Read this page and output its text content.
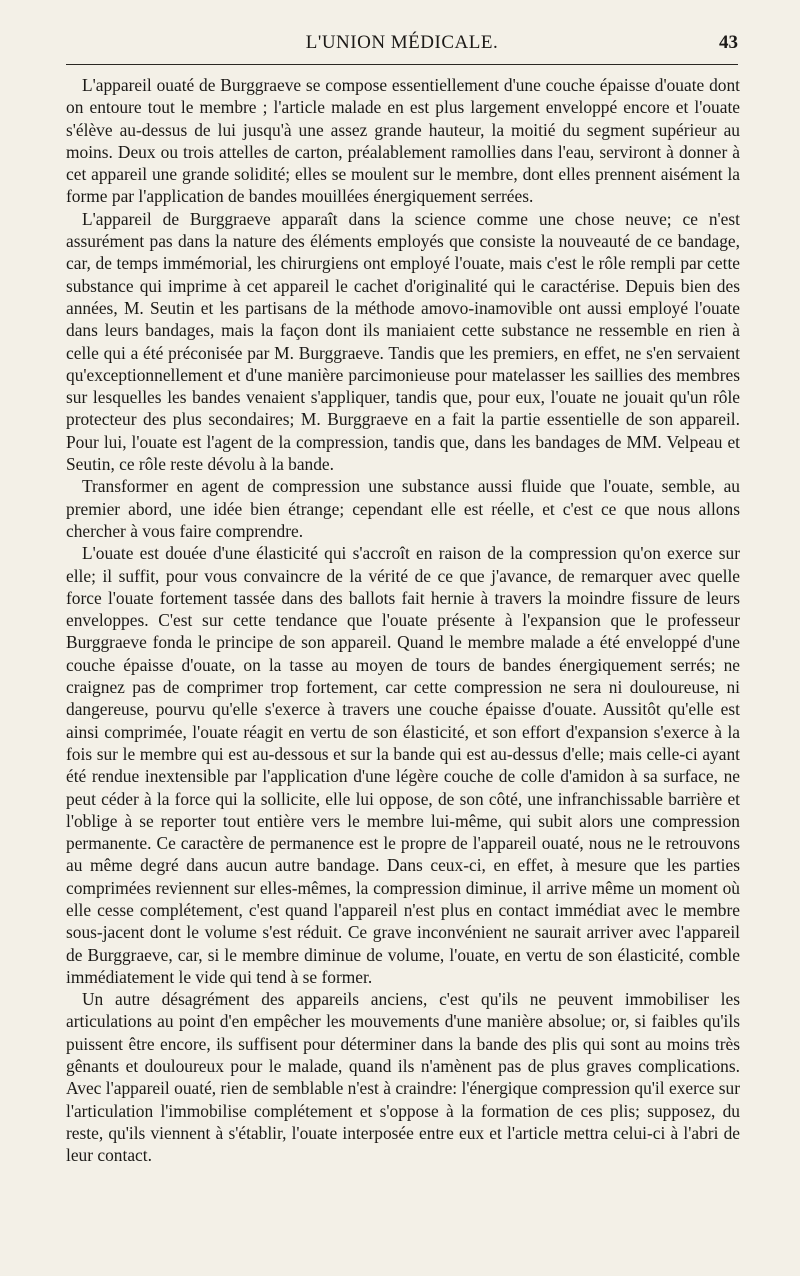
L'UNION MÉDICALE.	43

L'appareil ouaté de Burggraeve se compose essentiellement d'une couche épaisse d'ouate dont on entoure tout le membre ; l'article malade en est plus largement enveloppé encore et l'ouate s'élève au-dessus de lui jusqu'à une assez grande hauteur, la moitié du segment supérieur au moins. Deux ou trois attelles de carton, préalablement ramollies dans l'eau, serviront à donner à cet appareil une grande solidité; elles se moulent sur le membre, dont elles prennent aisément la forme par l'application de bandes mouillées énergiquement serrées.

L'appareil de Burggraeve apparaît dans la science comme une chose neuve; ce n'est assurément pas dans la nature des éléments employés que consiste la nouveauté de ce bandage, car, de temps immémorial, les chirurgiens ont employé l'ouate, mais c'est le rôle rempli par cette substance qui imprime à cet appareil le cachet d'originalité qui le caractérise. Depuis bien des années, M. Seutin et les partisans de la méthode amovo-inamovible ont aussi employé l'ouate dans leurs bandages, mais la façon dont ils maniaient cette substance ne ressemble en rien à celle qui a été préconisée par M. Burggraeve. Tandis que les premiers, en effet, ne s'en servaient qu'exceptionnellement et d'une manière parcimonieuse pour matelasser les saillies des membres sur lesquelles les bandes venaient s'appliquer, tandis que, pour eux, l'ouate ne jouait qu'un rôle protecteur des plus secondaires; M. Burggraeve en a fait la partie essentielle de son appareil. Pour lui, l'ouate est l'agent de la compression, tandis que, dans les bandages de MM. Velpeau et Seutin, ce rôle reste dévolu à la bande.

Transformer en agent de compression une substance aussi fluide que l'ouate, semble, au premier abord, une idée bien étrange; cependant elle est réelle, et c'est ce que nous allons chercher à vous faire comprendre.

L'ouate est douée d'une élasticité qui s'accroît en raison de la compression qu'on exerce sur elle; il suffit, pour vous convaincre de la vérité de ce que j'avance, de remarquer avec quelle force l'ouate fortement tassée dans des ballots fait hernie à travers la moindre fissure de leurs enveloppes. C'est sur cette tendance que l'ouate présente à l'expansion que le professeur Burggraeve fonda le principe de son appareil. Quand le membre malade a été enveloppé d'une couche épaisse d'ouate, on la tasse au moyen de tours de bandes énergiquement serrés; ne craignez pas de comprimer trop fortement, car cette compression ne sera ni douloureuse, ni dangereuse, pourvu qu'elle s'exerce à travers une couche épaisse d'ouate. Aussitôt qu'elle est ainsi comprimée, l'ouate réagit en vertu de son élasticité, et son effort d'expansion s'exerce à la fois sur le membre qui est au-dessous et sur la bande qui est au-dessus d'elle; mais celle-ci ayant été rendue inextensible par l'application d'une légère couche de colle d'amidon à sa surface, ne peut céder à la force qui la sollicite, elle lui oppose, de son côté, une infranchissable barrière et l'oblige à se reporter tout entière vers le membre lui-même, qui subit alors une compression permanente. Ce caractère de permanence est le propre de l'appareil ouaté, nous ne le retrouvons au même degré dans aucun autre bandage. Dans ceux-ci, en effet, à mesure que les parties comprimées reviennent sur elles-mêmes, la compression diminue, il arrive même un moment où elle cesse complétement, c'est quand l'appareil n'est plus en contact immédiat avec le membre sous-jacent dont le volume s'est réduit. Ce grave inconvénient ne saurait arriver avec l'appareil de Burggraeve, car, si le membre diminue de volume, l'ouate, en vertu de son élasticité, comble immédiatement le vide qui tend à se former.

Un autre désagrément des appareils anciens, c'est qu'ils ne peuvent immobiliser les articulations au point d'en empêcher les mouvements d'une manière absolue; or, si faibles qu'ils puissent être encore, ils suffisent pour déterminer dans la bande des plis qui sont au moins très gênants et douloureux pour le malade, quand ils n'amènent pas de plus graves complications. Avec l'appareil ouaté, rien de semblable n'est à craindre: l'énergique compression qu'il exerce sur l'articulation l'immobilise complétement et s'oppose à la formation de ces plis; supposez, du reste, qu'ils viennent à s'établir, l'ouate interposée entre eux et l'article mettra celui-ci à l'abri de leur contact.
